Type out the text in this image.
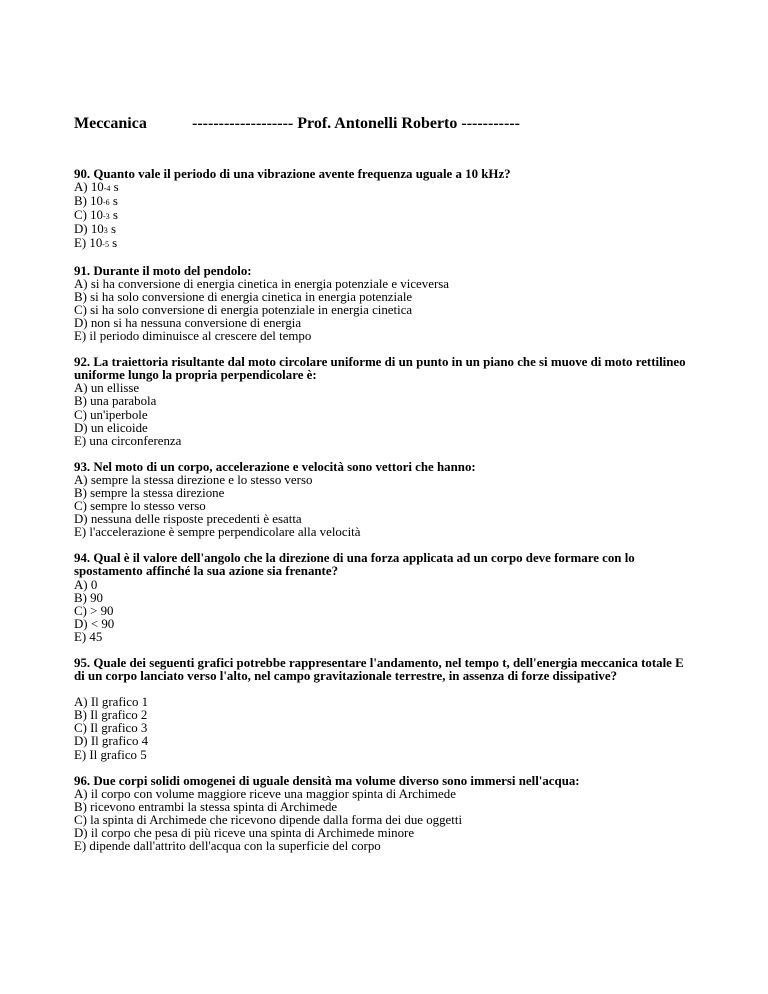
Meccanica	------------------- Prof. Antonelli Roberto -----------
90. Quanto vale il periodo di una vibrazione avente frequenza uguale a 10 kHz?
A) 10-4 s
B) 10-6 s
C) 10-3 s
D) 103 s
E) 10-5 s
91. Durante il moto del pendolo:
A) si ha conversione di energia cinetica in energia potenziale e viceversa
B) si ha solo conversione di energia cinetica in energia potenziale
C) si ha solo conversione di energia potenziale in energia cinetica
D) non si ha nessuna conversione di energia
E) il periodo diminuisce al crescere del tempo
92. La traiettoria risultante dal moto circolare uniforme di un punto in un piano che si muove di moto rettilineo
uniforme lungo la propria perpendicolare è:
A) un ellisse
B) una parabola
C) un'iperbole
D) un elicoide
E) una circonferenza
93. Nel moto di un corpo, accelerazione e velocità sono vettori che hanno:
A) sempre la stessa direzione e lo stesso verso
B) sempre la stessa direzione
C) sempre lo stesso verso
D) nessuna delle risposte precedenti è esatta
E) l'accelerazione è sempre perpendicolare alla velocità
94. Qual è il valore dell'angolo che la direzione di una forza applicata ad un corpo deve formare con lo
spostamento affinché la sua azione sia frenante?
A) 0
B) 90
C) > 90
D) < 90
E) 45
95. Quale dei seguenti grafici potrebbe rappresentare l'andamento, nel tempo t, dell'energia meccanica totale E
di un corpo lanciato verso l'alto, nel campo gravitazionale terrestre, in assenza di forze dissipative?
A) Il grafico 1
B) Il grafico 2
C) Il grafico 3
D) Il grafico 4
E) Il grafico 5
96. Due corpi solidi omogenei di uguale densità ma volume diverso sono immersi nell'acqua:
A) il corpo con volume maggiore riceve una maggior spinta di Archimede
B) ricevono entrambi la stessa spinta di Archimede
C) la spinta di Archimede che ricevono dipende dalla forma dei due oggetti
D) il corpo che pesa di più riceve una spinta di Archimede minore
E) dipende dall'attrito dell'acqua con la superficie del corpo
